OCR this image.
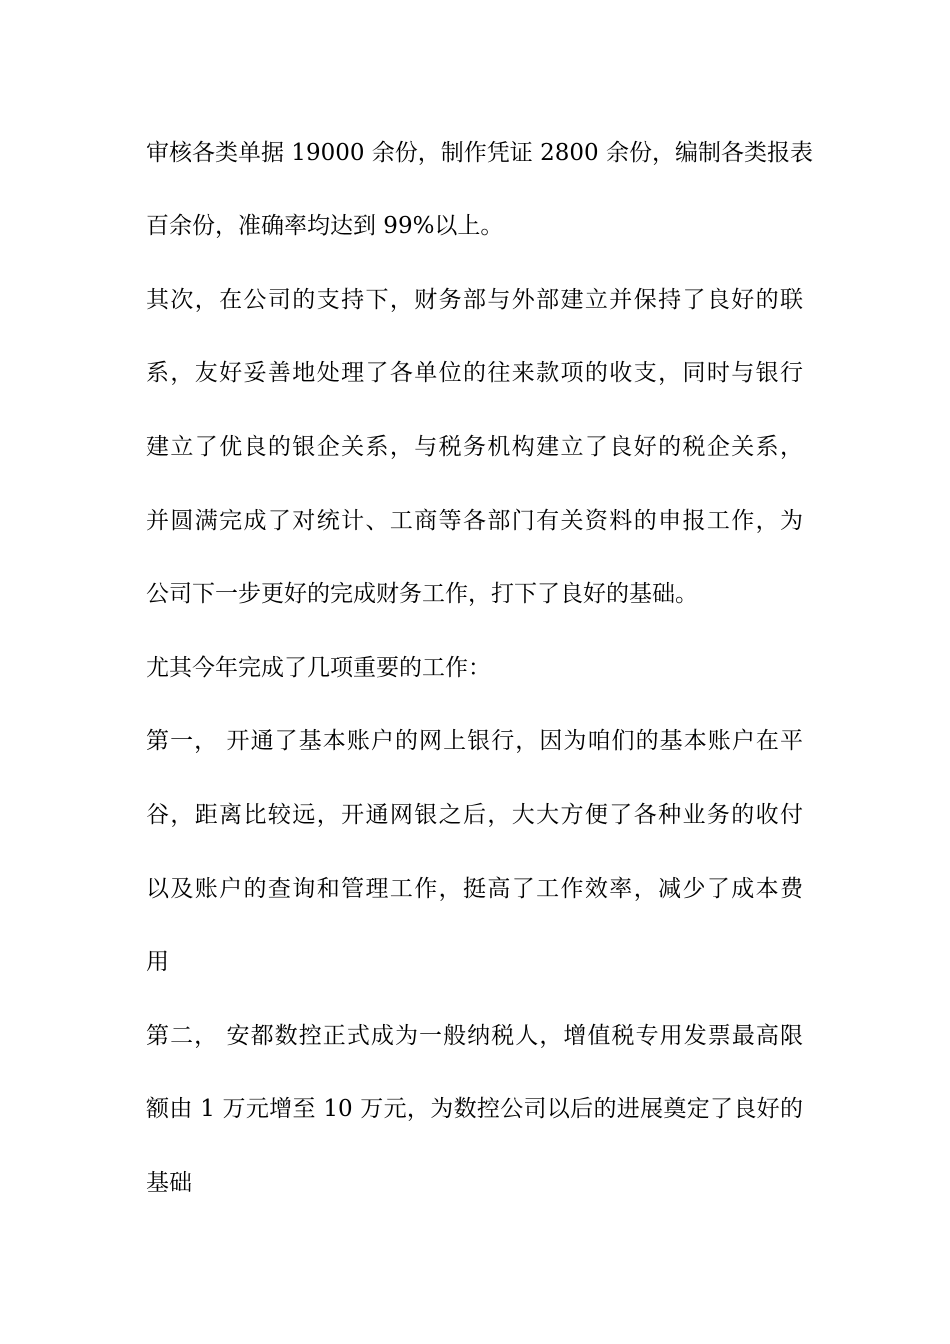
审核各类单据 19000 余份，制作凭证 2800 余份，编制各类报表
百余份，准确率均达到 99%以上。
其次，在公司的支持下，财务部与外部建立并保持了良好的联
系，友好妥善地处理了各单位的往来款项的收支，同时与银行
建立了优良的银企关系，与税务机构建立了良好的税企关系，
并圆满完成了对统计、工商等各部门有关资料的申报工作，为
公司下一步更好的完成财务工作，打下了良好的基础。
尤其今年完成了几项重要的工作：
第一， 开通了基本账户的网上银行，因为咱们的基本账户在平
谷，距离比较远，开通网银之后，大大方便了各种业务的收付
以及账户的查询和管理工作，挺高了工作效率，减少了成本费
用
第二， 安都数控正式成为一般纳税人，增值税专用发票最高限
额由 1 万元增至 10 万元，为数控公司以后的进展奠定了良好的
基础
